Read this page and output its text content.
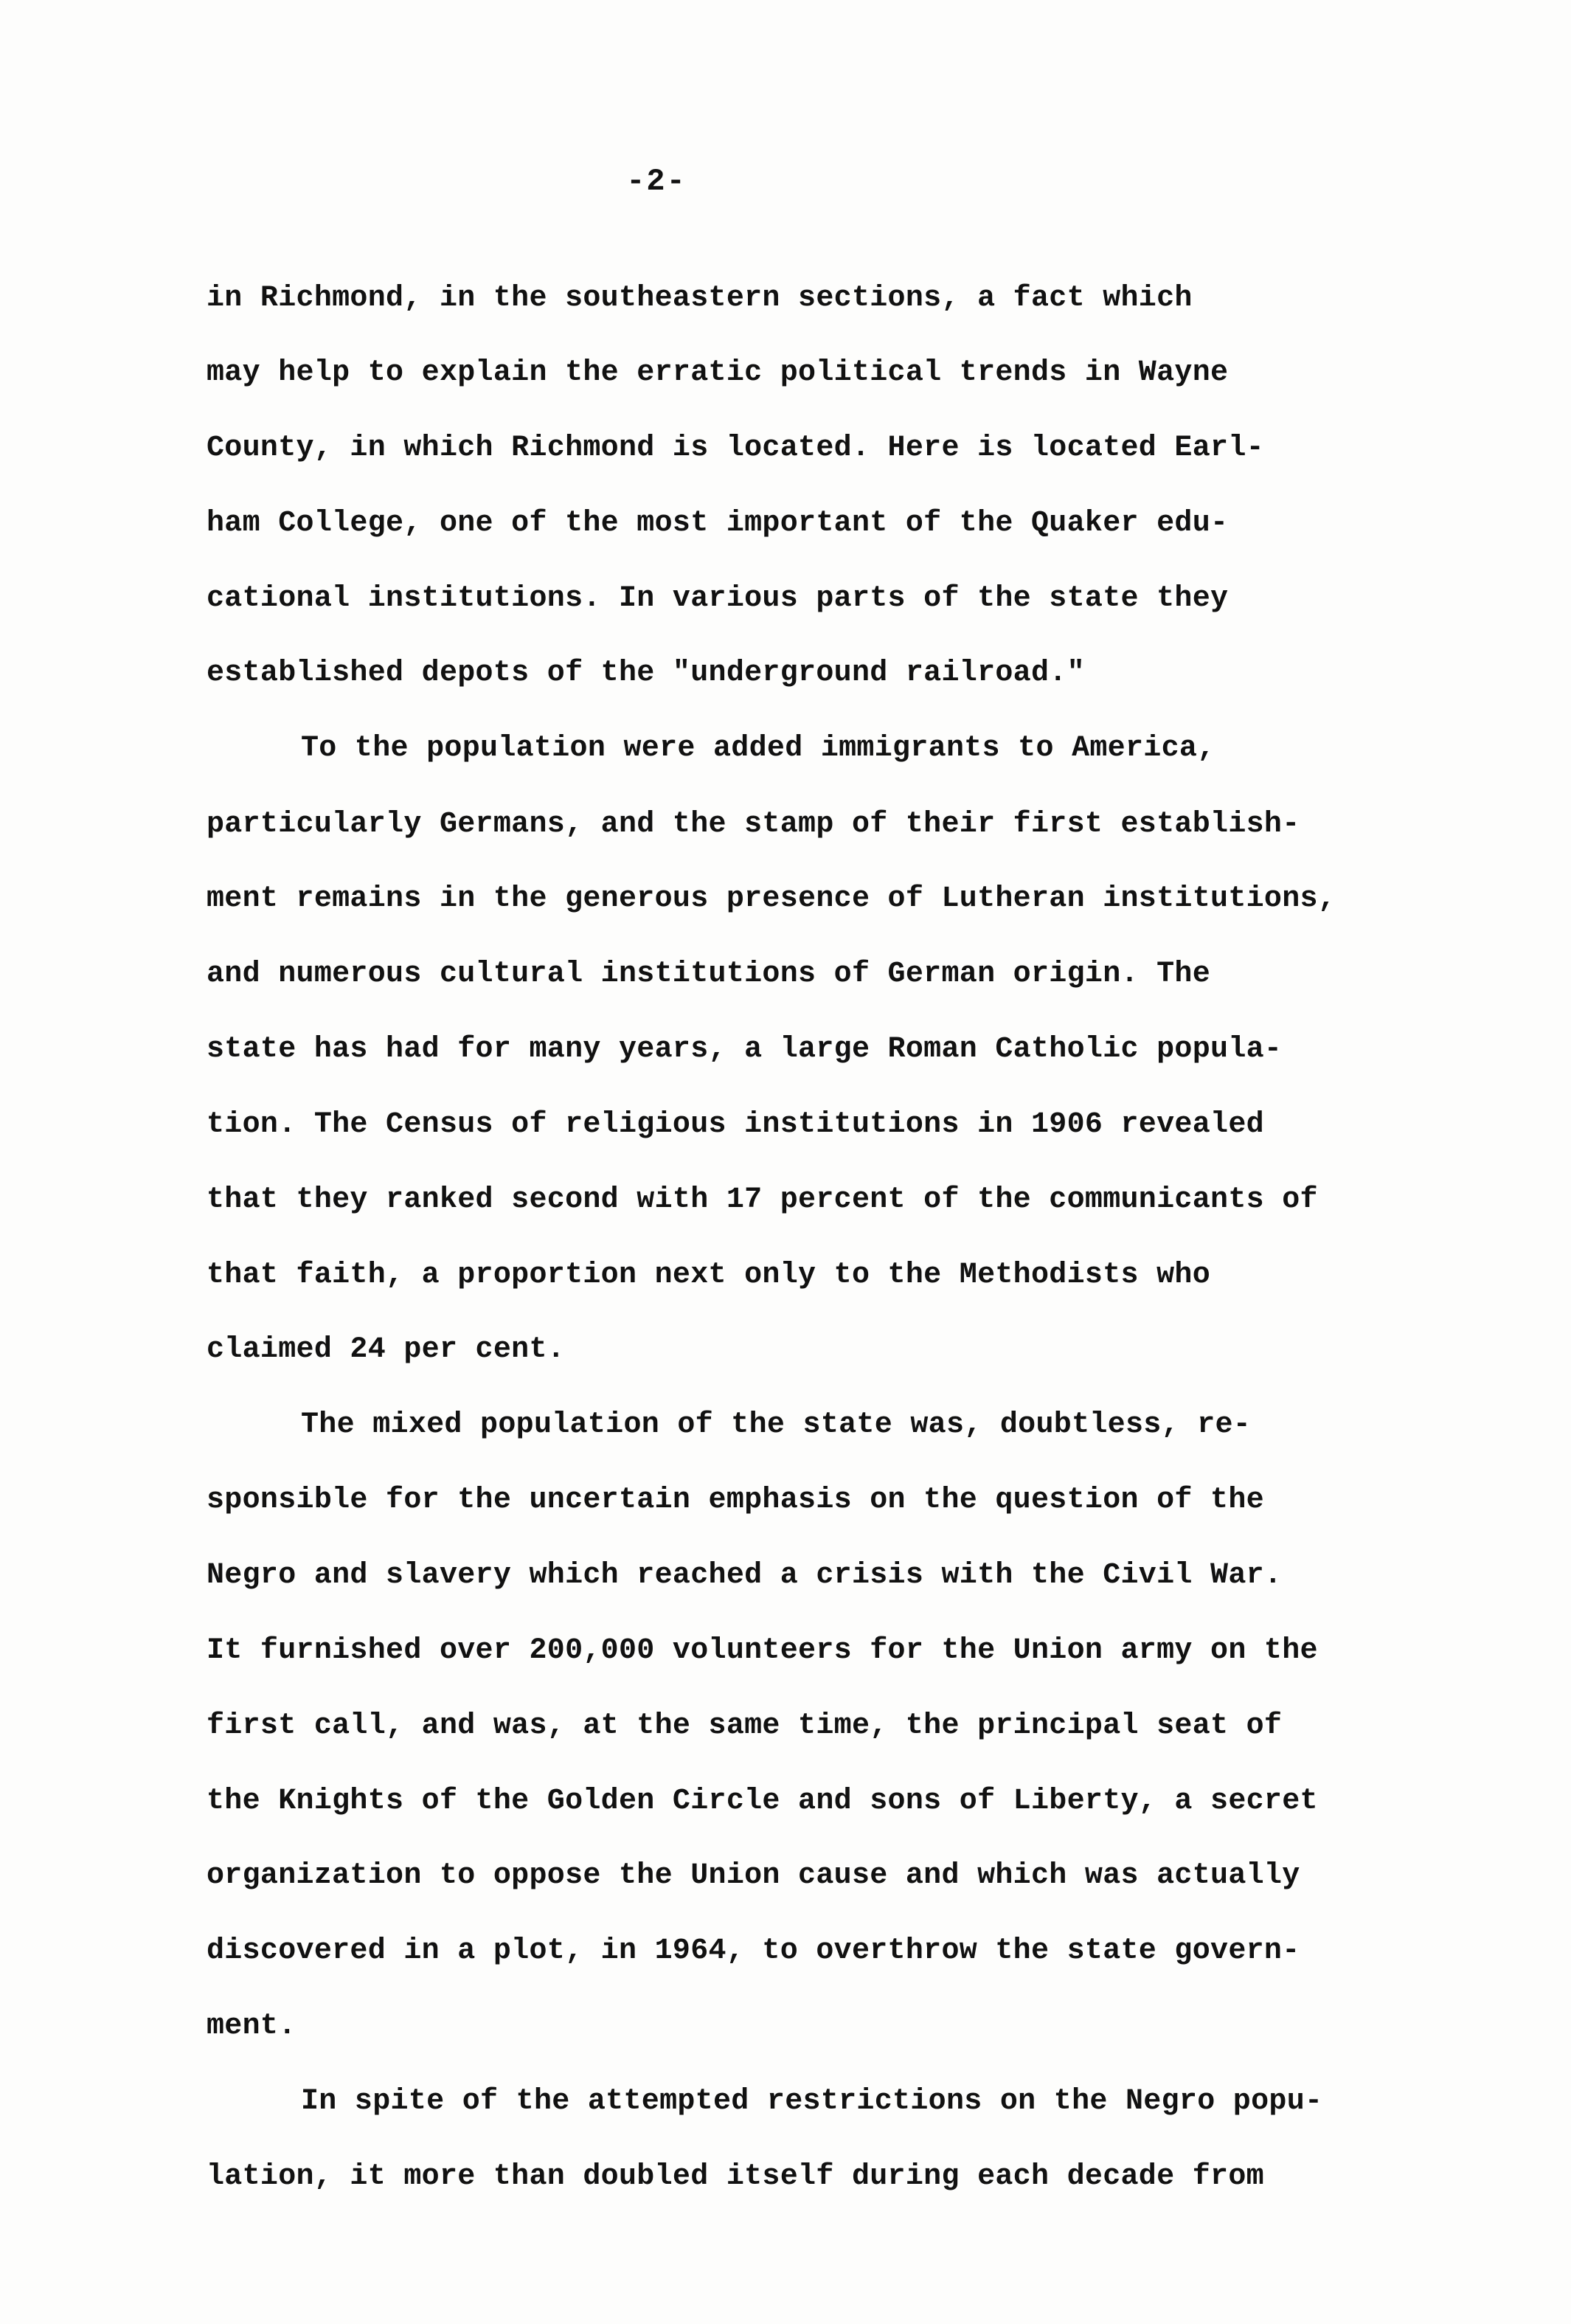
-2-
in Richmond, in the southeastern sections, a fact which
may help to explain the erratic political trends in Wayne
County, in which Richmond is located. Here is located Earl-
ham College, one of the most important of the Quaker edu-
cational institutions. In various parts of the state they
established depots of the "underground railroad."
To the population were added immigrants to America,
particularly Germans, and the stamp of their first establish-
ment remains in the generous presence of Lutheran institutions,
and numerous cultural institutions of German origin. The
state has had for many years, a large Roman Catholic popula-
tion. The Census of religious institutions in 1906 revealed
that they ranked second with 17 percent of the communicants of
that faith, a proportion next only to the Methodists who
claimed 24 per cent.
The mixed population of the state was, doubtless, re-
sponsible for the uncertain emphasis on the question of the
Negro and slavery which reached a crisis with the Civil War.
It furnished over 200,000 volunteers for the Union army on the
first call, and was, at the same time, the principal seat of
the Knights of the Golden Circle and sons of Liberty, a secret
organization to oppose the Union cause and which was actually
discovered in a plot, in 1964, to overthrow the state govern-
ment.
In spite of the attempted restrictions on the Negro popu-
lation, it more than doubled itself during each decade from
